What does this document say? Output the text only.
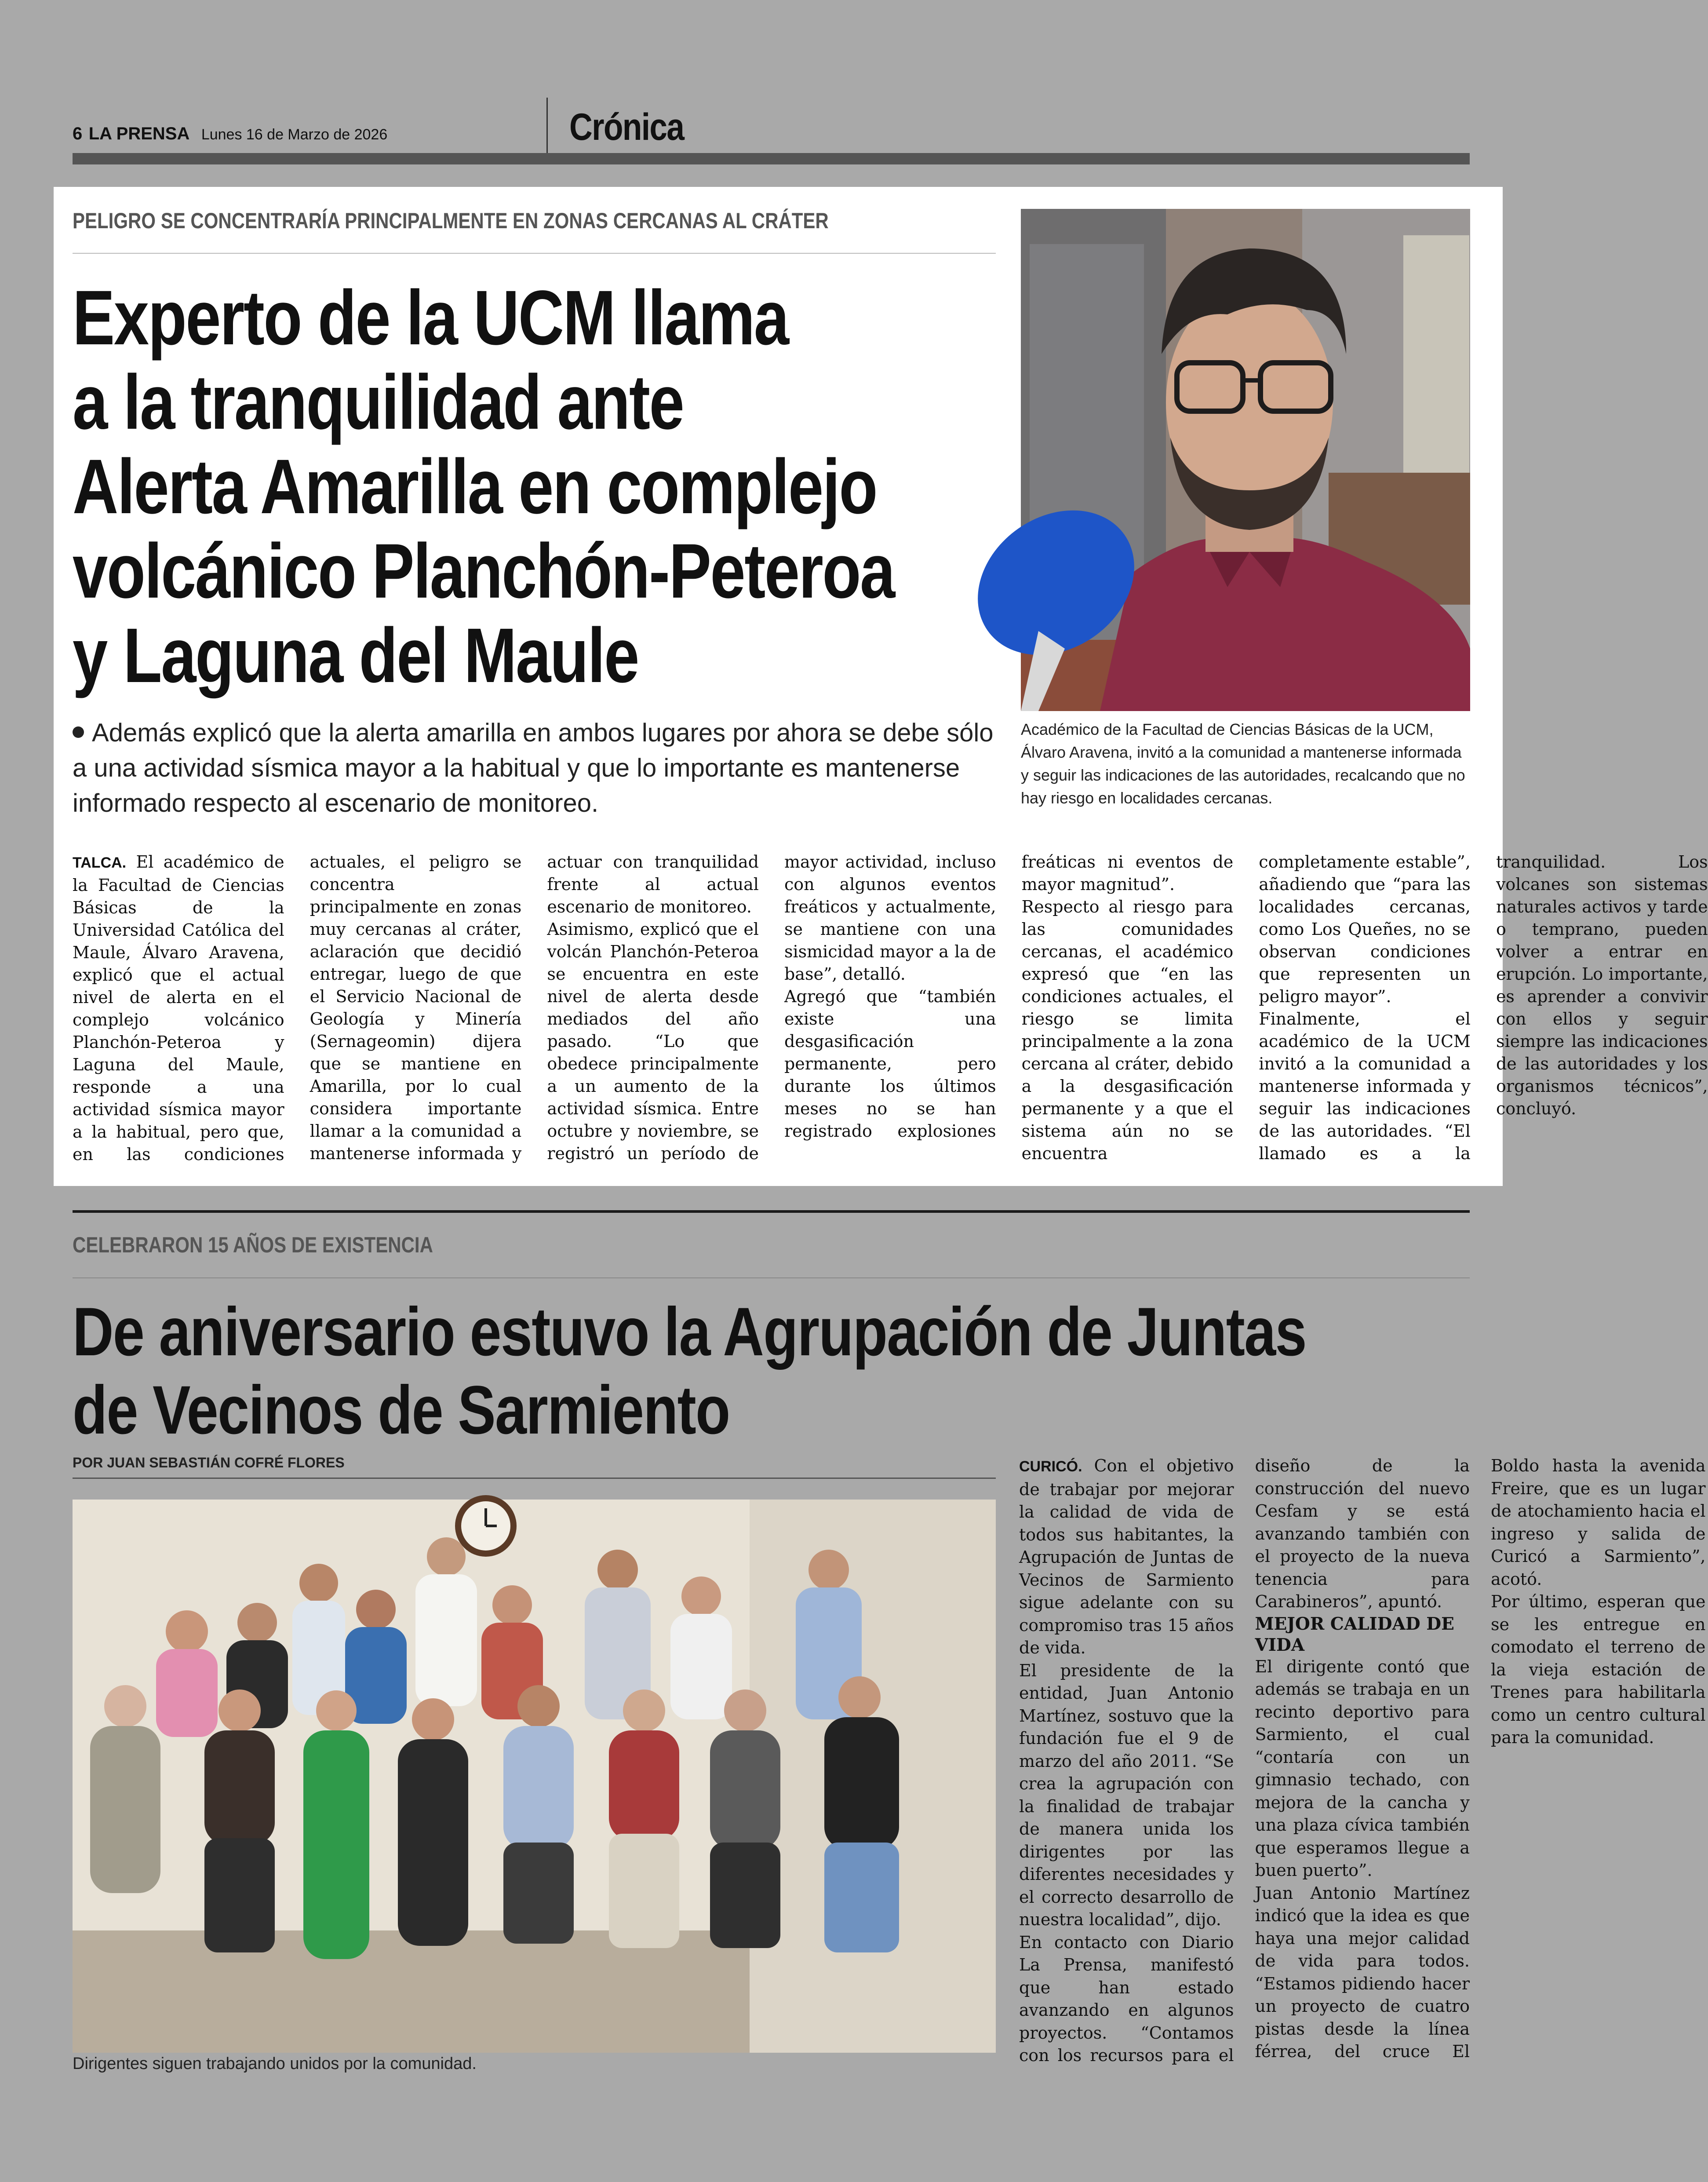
6 LA PRENSA Lunes 16 de Marzo de 2026	Crónica
PELIGRO SE CONCENTRARÍA PRINCIPALMENTE EN ZONAS CERCANAS AL CRÁTER
Experto de la UCM llama
a la tranquilidad ante
Alerta Amarilla en complejo
volcánico Planchón-Peteroa
y Laguna del Maule
Además explicó que la alerta amarilla en ambos lugares por ahora se debe sólo a una actividad sísmica mayor a la habitual y que lo importante es mantenerse informado respecto al escenario de monitoreo.
Académico de la Facultad de Ciencias Básicas de la UCM, Álvaro Aravena, invitó a la comunidad a mantenerse informada y seguir las indicaciones de las autoridades, recalcando que no hay riesgo en localidades cercanas.

TALCA. El académico de la Facultad de Ciencias Básicas de la Universidad Católica del Maule, Álvaro Aravena, explicó que el actual nivel de alerta en el complejo volcánico Planchón-Peteroa y Laguna del Maule, responde a una actividad sísmica mayor a la habitual, pero que, en las condiciones actuales, el peligro se concentra principalmente en zonas muy cercanas al cráter, aclaración que decidió entregar, luego de que el Servicio Nacional de Geología y Minería (Sernageomin) dijera que se mantiene en Amarilla, por lo cual considera importante llamar a la comunidad a mantenerse informada y actuar con tranquilidad frente al actual escenario de monitoreo.

Asimismo, explicó que el volcán Planchón-Peteroa se encuentra en este nivel de alerta desde mediados del año pasado. “Lo que obedece principalmente a un aumento de la actividad sísmica. Entre octubre y noviembre, se registró un período de mayor actividad, incluso con algunos eventos freáticos y actualmente, se mantiene con una sismicidad mayor a la de base”, detalló.

Agregó que “también existe una desgasificación permanente, pero durante los últimos meses no se han registrado explosiones freáticas ni eventos de mayor magnitud”.

Respecto al riesgo para las comunidades cercanas, el académico expresó que “en las condiciones actuales, el riesgo se limita principalmente a la zona cercana al cráter, debido a la desgasificación permanente y a que el sistema aún no se encuentra completamente estable”, añadiendo que “para las localidades cercanas, como Los Queñes, no se observan condiciones que representen un peligro mayor”.

Finalmente, el académico de la UCM invitó a la comunidad a mantenerse informada y seguir las indicaciones de las autoridades. “El llamado es a la tranquilidad. Los volcanes son sistemas naturales activos y tarde o temprano, pueden volver a entrar en erupción. Lo importante, es aprender a convivir con ellos y seguir siempre las indicaciones de las autoridades y los organismos técnicos”, concluyó.

CELEBRARON 15 AÑOS DE EXISTENCIA
De aniversario estuvo la Agrupación de Juntas
de Vecinos de Sarmiento
POR JUAN SEBASTIÁN COFRÉ FLORES
Dirigentes siguen trabajando unidos por la comunidad.

CURICÓ. Con el objetivo de trabajar por mejorar la calidad de vida de todos sus habitantes, la Agrupación de Juntas de Vecinos de Sarmiento sigue adelante con su compromiso tras 15 años de vida.

El presidente de la entidad, Juan Antonio Martínez, sostuvo que la fundación fue el 9 de marzo del año 2011. “Se crea la agrupación con la finalidad de trabajar de manera unida los dirigentes por las diferentes necesidades y el correcto desarrollo de nuestra localidad”, dijo.

En contacto con Diario La Prensa, manifestó que han estado avanzando en algunos proyectos. “Contamos con los recursos para el diseño de la construcción del nuevo Cesfam y se está avanzando también con el proyecto de la nueva tenencia para Carabineros”, apuntó.

MEJOR CALIDAD DE VIDA

El dirigente contó que además se trabaja en un recinto deportivo para Sarmiento, el cual “contaría con un gimnasio techado, con mejora de la cancha y una plaza cívica también que esperamos llegue a buen puerto”.

Juan Antonio Martínez indicó que la idea es que haya una mejor calidad de vida para todos. “Estamos pidiendo hacer un proyecto de cuatro pistas desde la línea férrea, del cruce El Boldo hasta la avenida Freire, que es un lugar de atochamiento hacia el ingreso y salida de Curicó a Sarmiento”, acotó.

Por último, esperan que se les entregue en comodato el terreno de la vieja estación de Trenes para habilitarla como un centro cultural para la comunidad.
